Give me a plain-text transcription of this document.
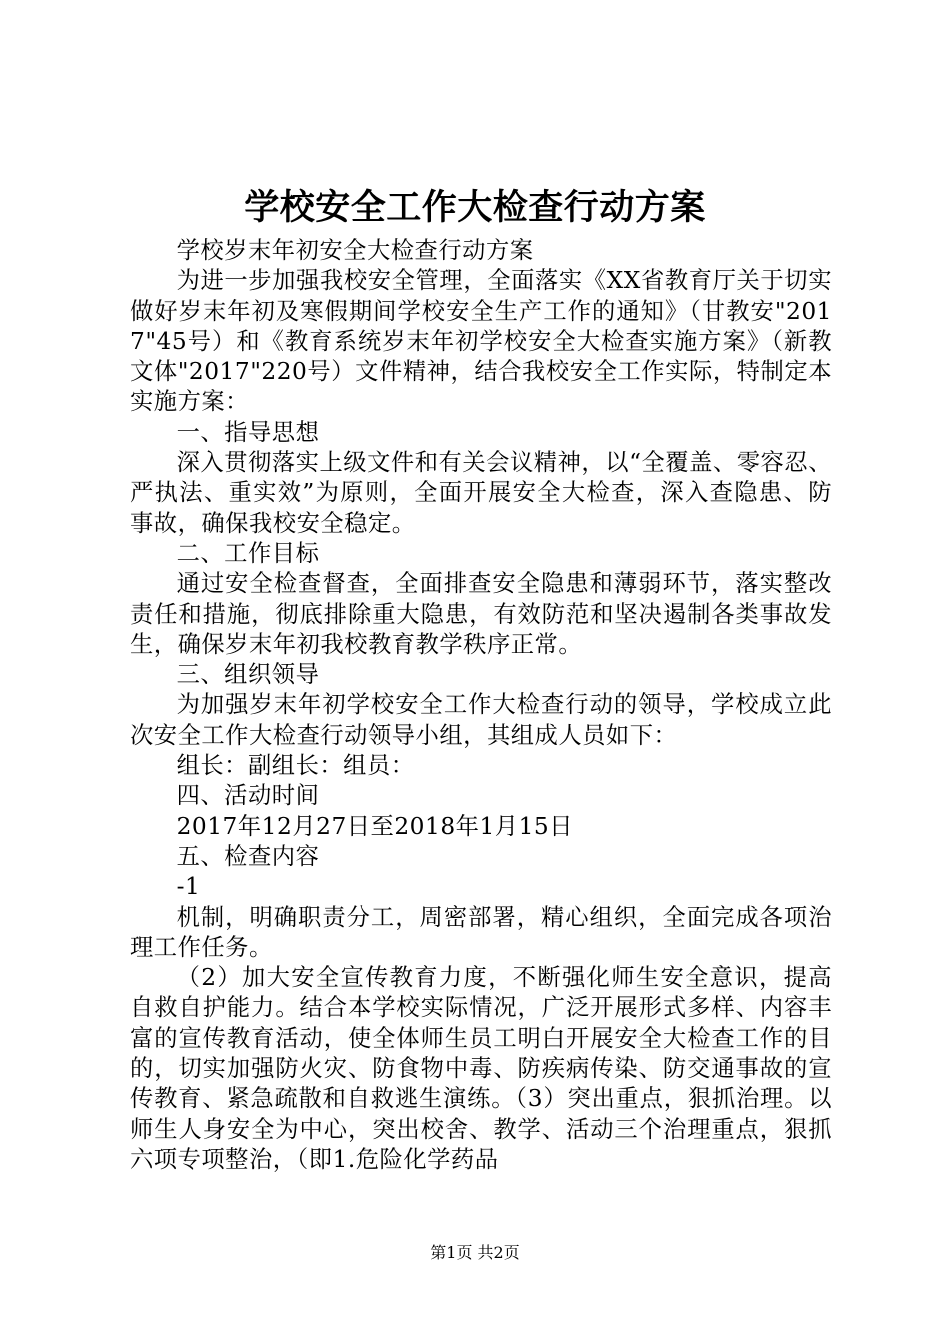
学校安全工作大检查行动方案

学校岁末年初安全大检查行动方案

为进一步加强我校安全管理，全面落实《XX省教育厅关于切实做好岁末年初及寒假期间学校安全生产工作的通知》（甘教安"2017"45号）和《教育系统岁末年初学校安全大检查实施方案》（新教文体"2017"220号）文件精神，结合我校安全工作实际，特制定本实施方案：

一、指导思想

深入贯彻落实上级文件和有关会议精神，以“全覆盖、零容忍、严执法、重实效”为原则，全面开展安全大检查，深入查隐患、防事故，确保我校安全稳定。

二、工作目标

通过安全检查督查，全面排查安全隐患和薄弱环节，落实整改责任和措施，彻底排除重大隐患，有效防范和坚决遏制各类事故发生，确保岁末年初我校教育教学秩序正常。

三、组织领导

为加强岁末年初学校安全工作大检查行动的领导，学校成立此次安全工作大检查行动领导小组，其组成人员如下：

组长：副组长：组员：

四、活动时间

2017年12月27日至2018年1月15日

五、检查内容

-1

机制，明确职责分工，周密部署，精心组织，全面完成各项治理工作任务。

（2）加大安全宣传教育力度，不断强化师生安全意识，提高自救自护能力。结合本学校实际情况，广泛开展形式多样、内容丰富的宣传教育活动，使全体师生员工明白开展安全大检查工作的目的，切实加强防火灾、防食物中毒、防疾病传染、防交通事故的宣传教育、紧急疏散和自救逃生演练。（3）突出重点，狠抓治理。以师生人身安全为中心，突出校舍、教学、活动三个治理重点，狠抓六项专项整治，（即1.危险化学药品

第1页 共2页
